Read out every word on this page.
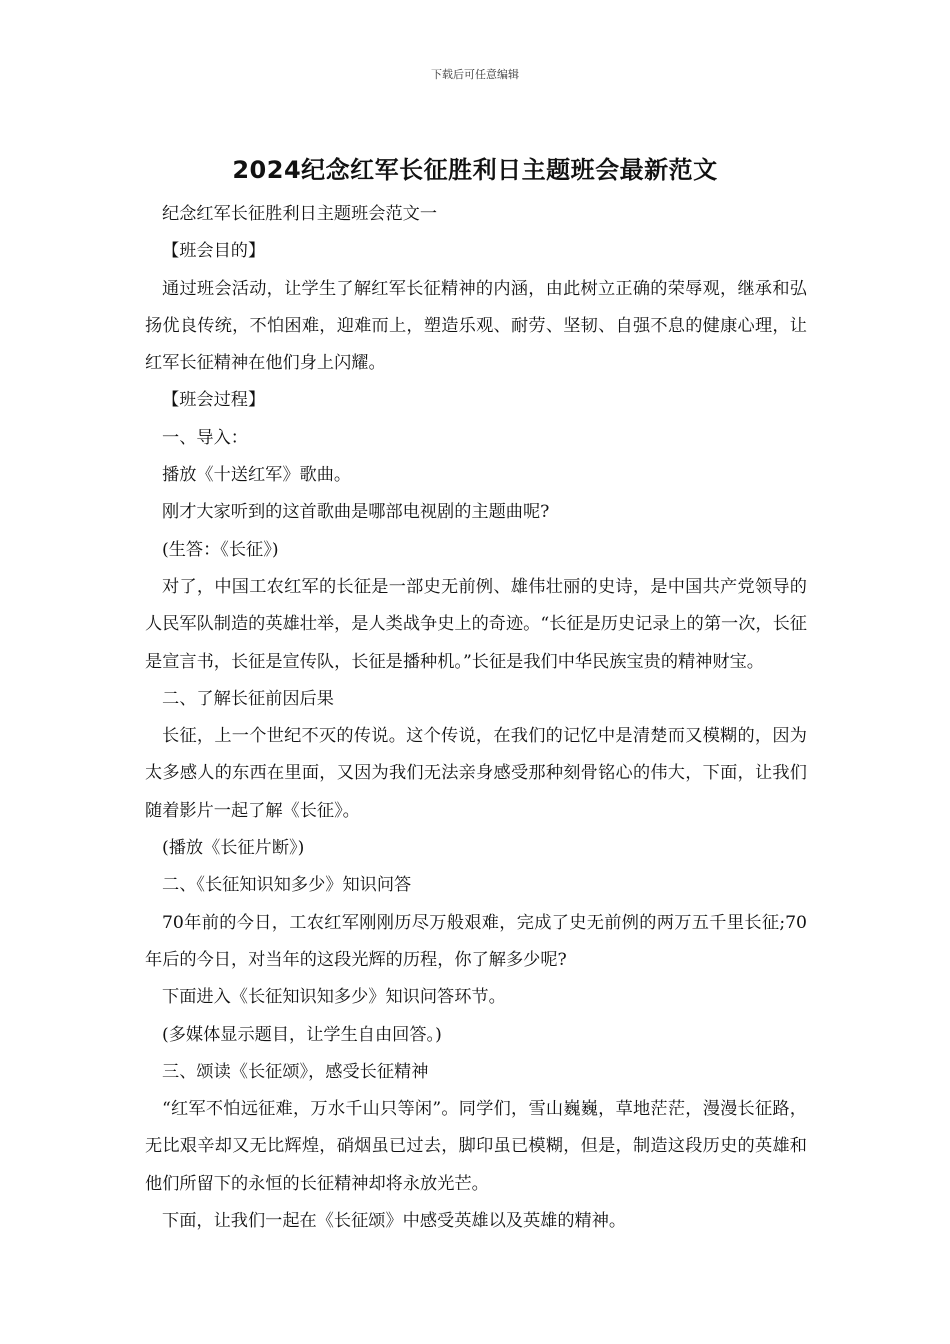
下载后可任意编辑
2024纪念红军长征胜利日主题班会最新范文

纪念红军长征胜利日主题班会范文一

【班会目的】

通过班会活动，让学生了解红军长征精神的内涵，由此树立正确的荣辱观，继承和弘扬优良传统，不怕困难，迎难而上，塑造乐观、耐劳、坚韧、自强不息的健康心理，让红军长征精神在他们身上闪耀。

【班会过程】

一、导入：

播放《十送红军》歌曲。

刚才大家听到的这首歌曲是哪部电视剧的主题曲呢?

(生答：《长征》)

对了，中国工农红军的长征是一部史无前例、雄伟壮丽的史诗，是中国共产党领导的人民军队制造的英雄壮举，是人类战争史上的奇迹。“长征是历史记录上的第一次，长征是宣言书，长征是宣传队，长征是播种机。”长征是我们中华民族宝贵的精神财宝。

二、了解长征前因后果

长征，上一个世纪不灭的传说。这个传说，在我们的记忆中是清楚而又模糊的，因为太多感人的东西在里面，又因为我们无法亲身感受那种刻骨铭心的伟大，下面，让我们随着影片一起了解《长征》。

(播放《长征片断》)

二、《长征知识知多少》知识问答

70年前的今日，工农红军刚刚历尽万般艰难，完成了史无前例的两万五千里长征;70年后的今日，对当年的这段光辉的历程，你了解多少呢?

下面进入《长征知识知多少》知识问答环节。

(多媒体显示题目，让学生自由回答。)

三、颂读《长征颂》，感受长征精神

“红军不怕远征难，万水千山只等闲”。同学们，雪山巍巍，草地茫茫，漫漫长征路，无比艰辛却又无比辉煌，硝烟虽已过去，脚印虽已模糊，但是，制造这段历史的英雄和他们所留下的永恒的长征精神却将永放光芒。

下面，让我们一起在《长征颂》中感受英雄以及英雄的精神。
